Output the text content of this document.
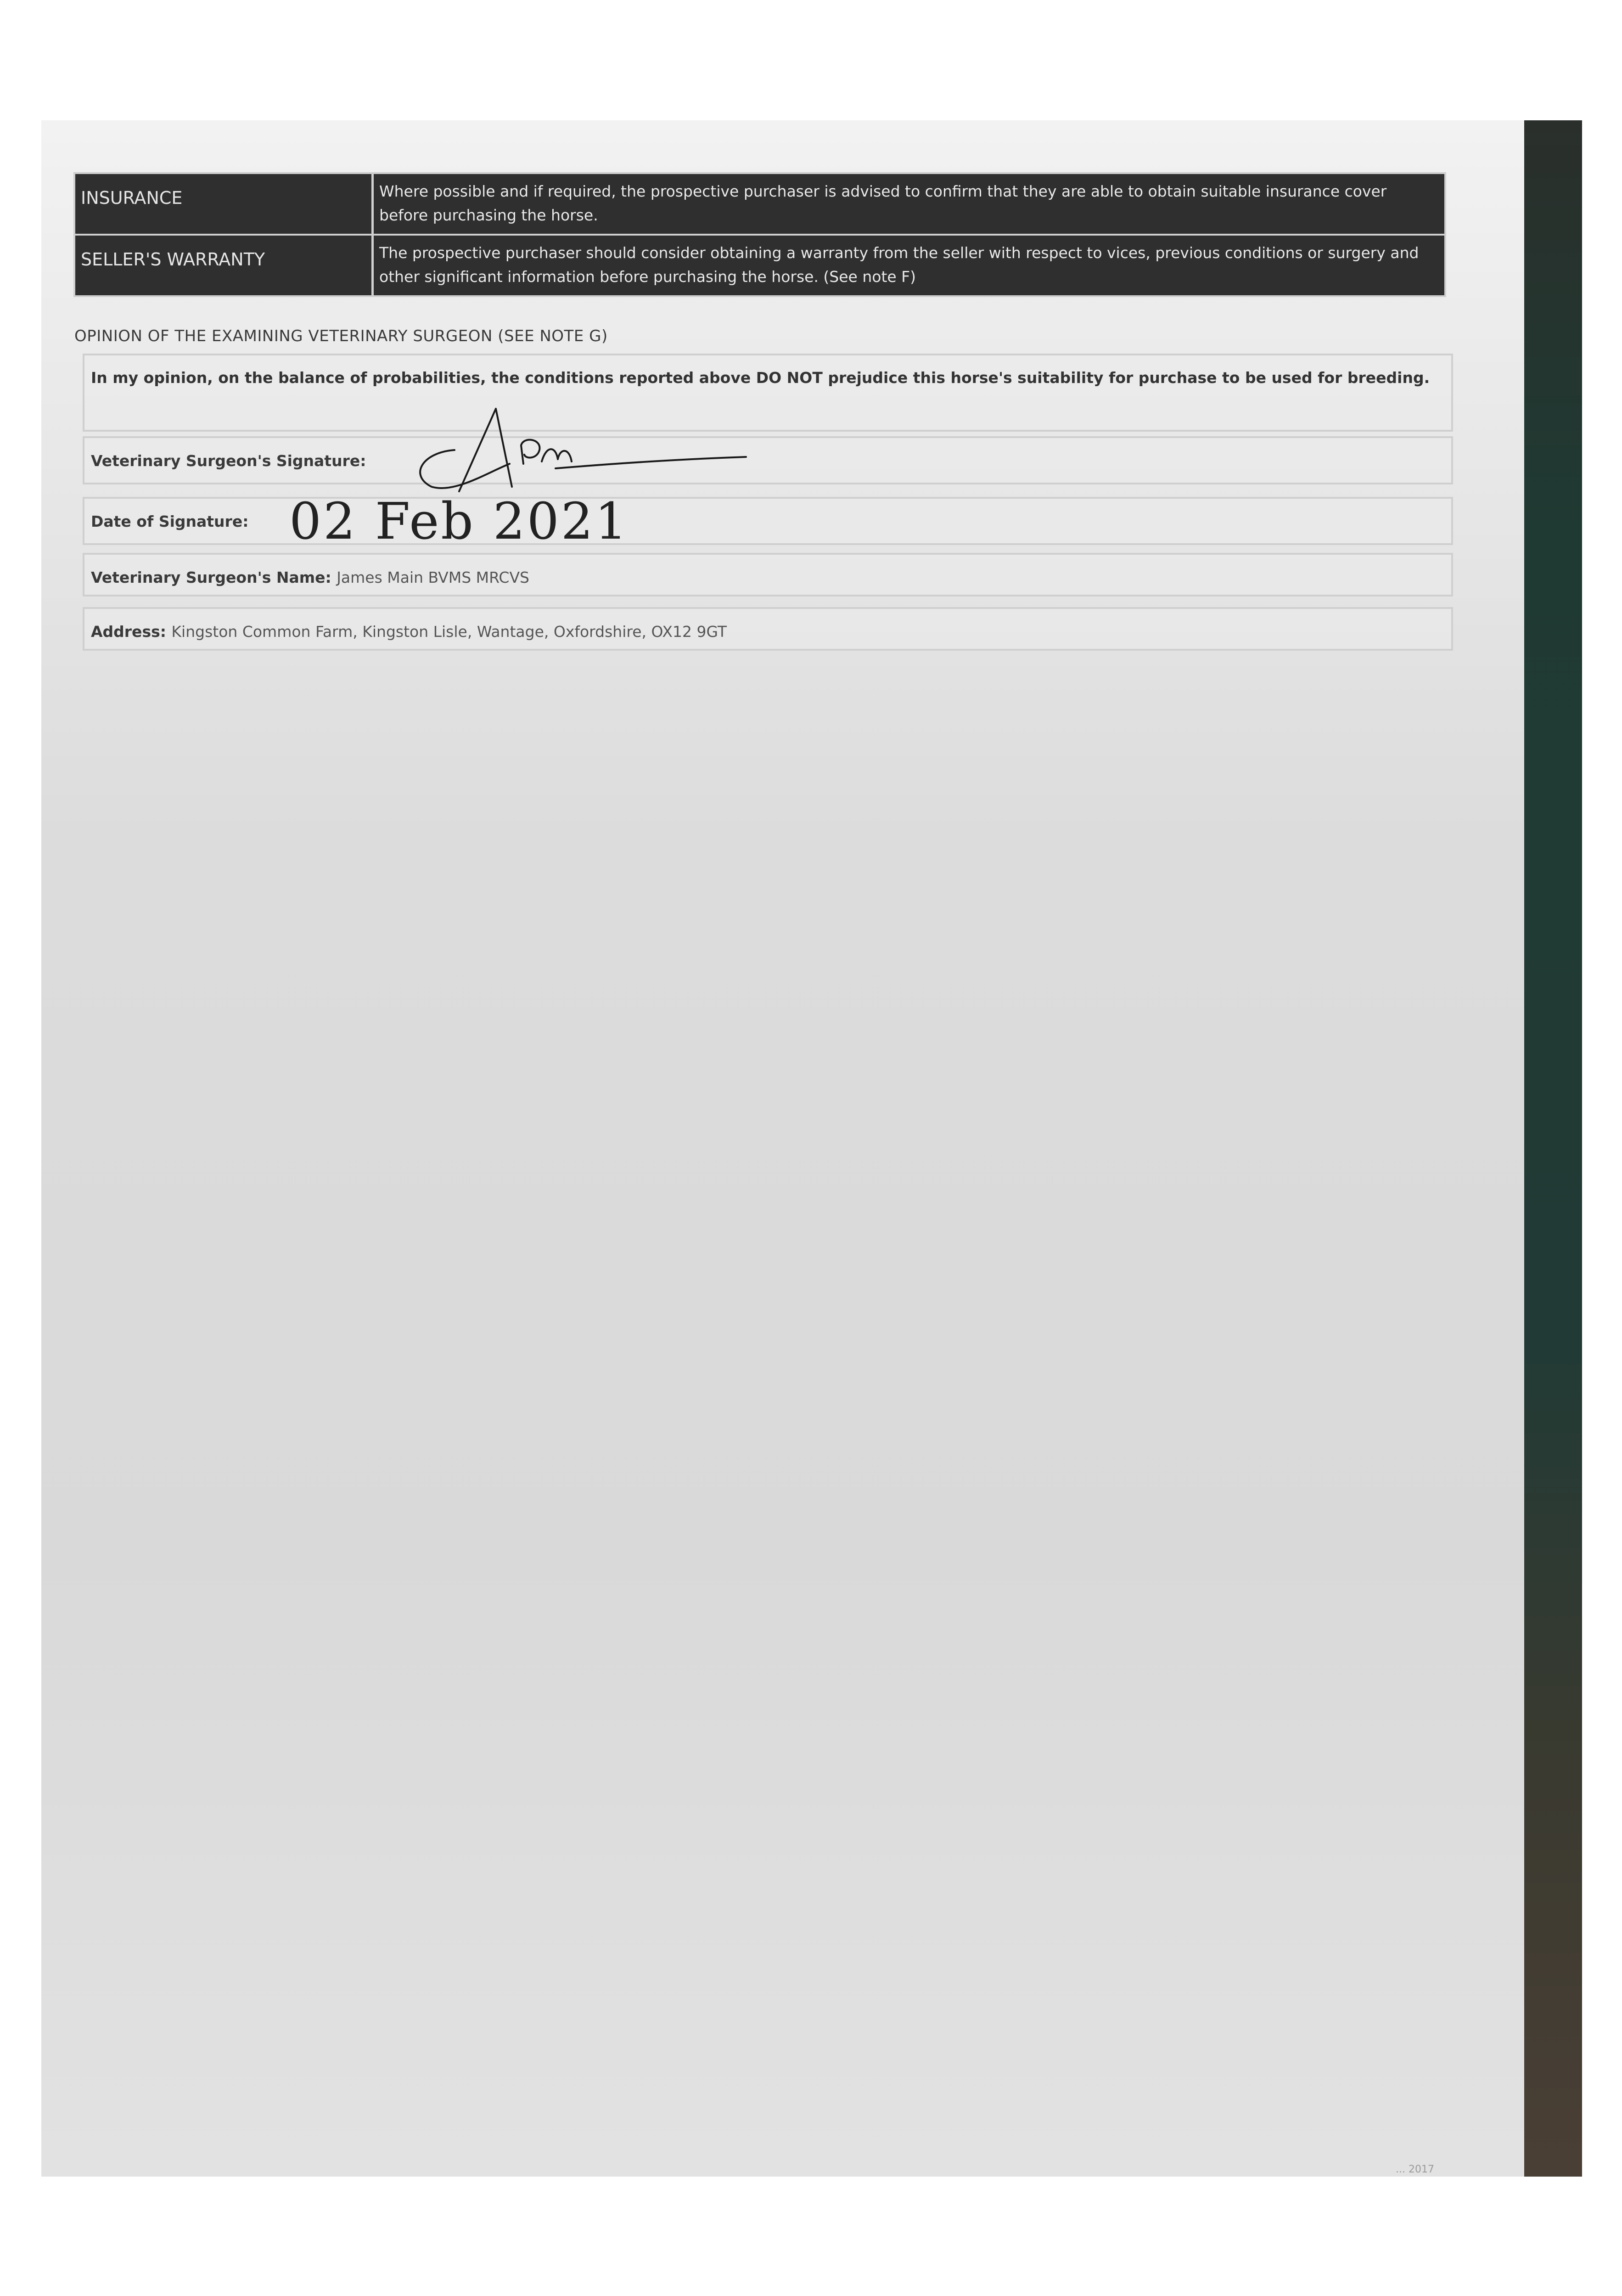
INSURANCE	Where possible and if required, the prospective purchaser is advised to confirm that they are able to obtain suitable insurance cover before purchasing the horse.
SELLER'S WARRANTY	The prospective purchaser should consider obtaining a warranty from the seller with respect to vices, previous conditions or surgery and other significant information before purchasing the horse. (See note F)
OPINION OF THE EXAMINING VETERINARY SURGEON (SEE NOTE G)
In my opinion, on the balance of probabilities, the conditions reported above DO NOT prejudice this horse's suitability for purchase to be used for breeding.
Veterinary Surgeon's Signature:
Date of Signature: 02 Feb 2021
Veterinary Surgeon's Name: James Main BVMS MRCVS
Address: Kingston Common Farm, Kingston Lisle, Wantage, Oxfordshire, OX12 9GT
... 2017
